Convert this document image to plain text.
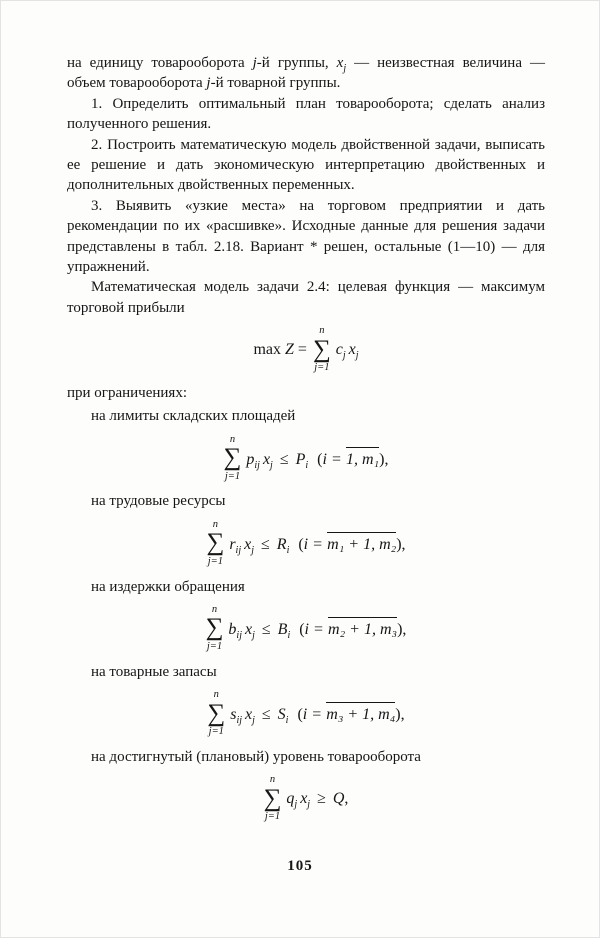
на единицу товарооборота j-й группы, $x_j$ — неизвестная величина — объем товарооборота j-й товарной группы.

1. Определить оптимальный план товарооборота; сделать анализ полученного решения.

2. Построить математическую модель двойственной задачи, выписать ее решение и дать экономическую интерпретацию двойственных и дополнительных двойственных переменных.

3. Выявить «узкие места» на торговом предприятии и дать рекомендации по их «расшивке». Исходные данные для решения задачи представлены в табл. 2.18. Вариант * решен, остальные (1—10) — для упражнений.

Математическая модель задачи 2.4: целевая функция — максимум торговой прибыли

max Z =
n
∑
j=1
$c_j$ $x_j$

при ограничениях:

на лимиты складских площадей

n
∑
j=1
$p_{ij}$ $x_j \le P_i$ (i = 1, m₁),

на трудовые ресурсы

n
∑
j=1
$r_{ij}$ $x_j \le R_i$ (i = m₁ + 1, m₂),

на издержки обращения

n
∑
j=1
$b_{ij}$ $x_j \le B_i$ (i = m₂ + 1, m₃),

на товарные запасы

n
∑
j=1
$s_{ij}$ $x_j \le S_i$ (i = m₃ + 1, m₄),

на достигнутый (плановый) уровень товарооборота

n
∑
j=1
$q_j$ $x_j \ge Q$,
105
